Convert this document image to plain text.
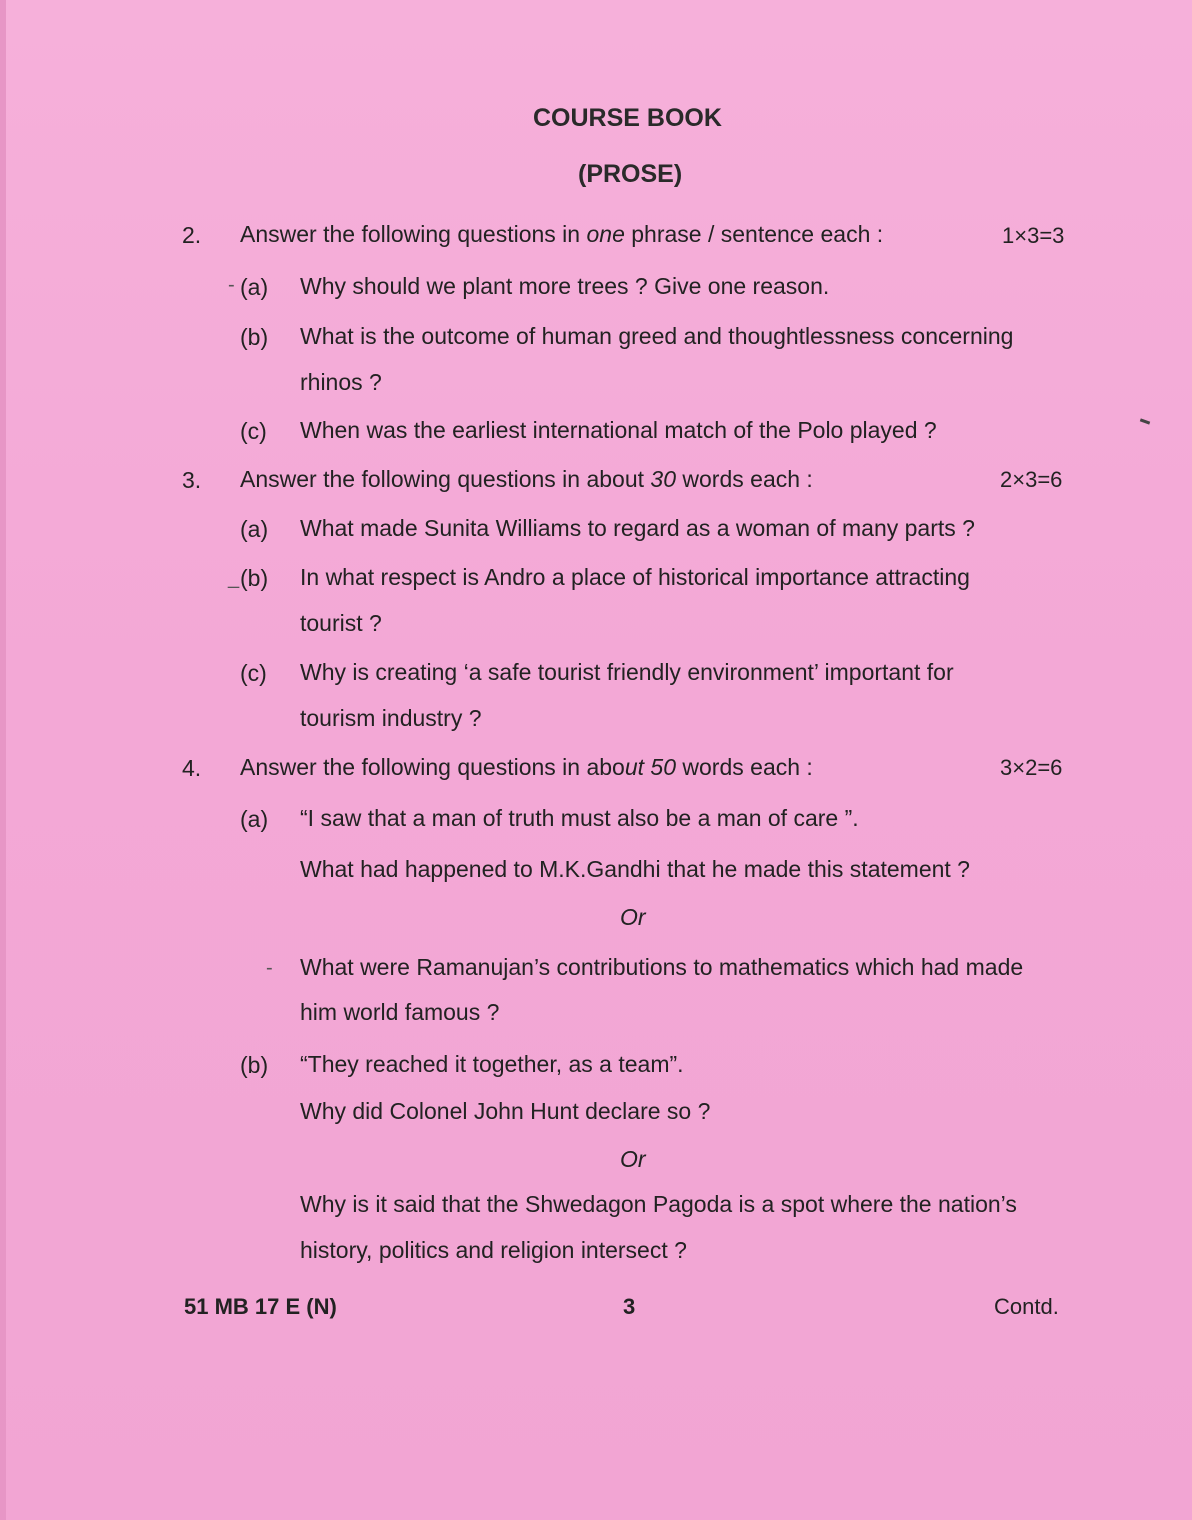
COURSE BOOK
(PROSE)
2. Answer the following questions in one phrase / sentence each :	1×3=3
- (a) Why should we plant more trees ? Give one reason.
(b) What is the outcome of human greed and thoughtlessness concerning
rhinos ?
(c) When was the earliest international match of the Polo played ?
3. Answer the following questions in about 30 words each :	2×3=6
(a) What made Sunita Williams to regard as a woman of many parts ?
_ (b) In what respect is Andro a place of historical importance attracting
tourist ?
(c) Why is creating ‘a safe tourist friendly environment’ important for
tourism industry ?
4. Answer the following questions in about 50 words each :	3×2=6
(a) “I saw that a man of truth must also be a man of care ”.
What had happened to M.K.Gandhi that he made this statement ?
Or
- What were Ramanujan’s contributions to mathematics which had made
him world famous ?
(b) “They reached it together, as a team”.
Why did Colonel John Hunt declare so ?
Or
Why is it said that the Shwedagon Pagoda is a spot where the nation’s
history, politics and religion intersect ?
51 MB 17 E (N)	3	Contd.
